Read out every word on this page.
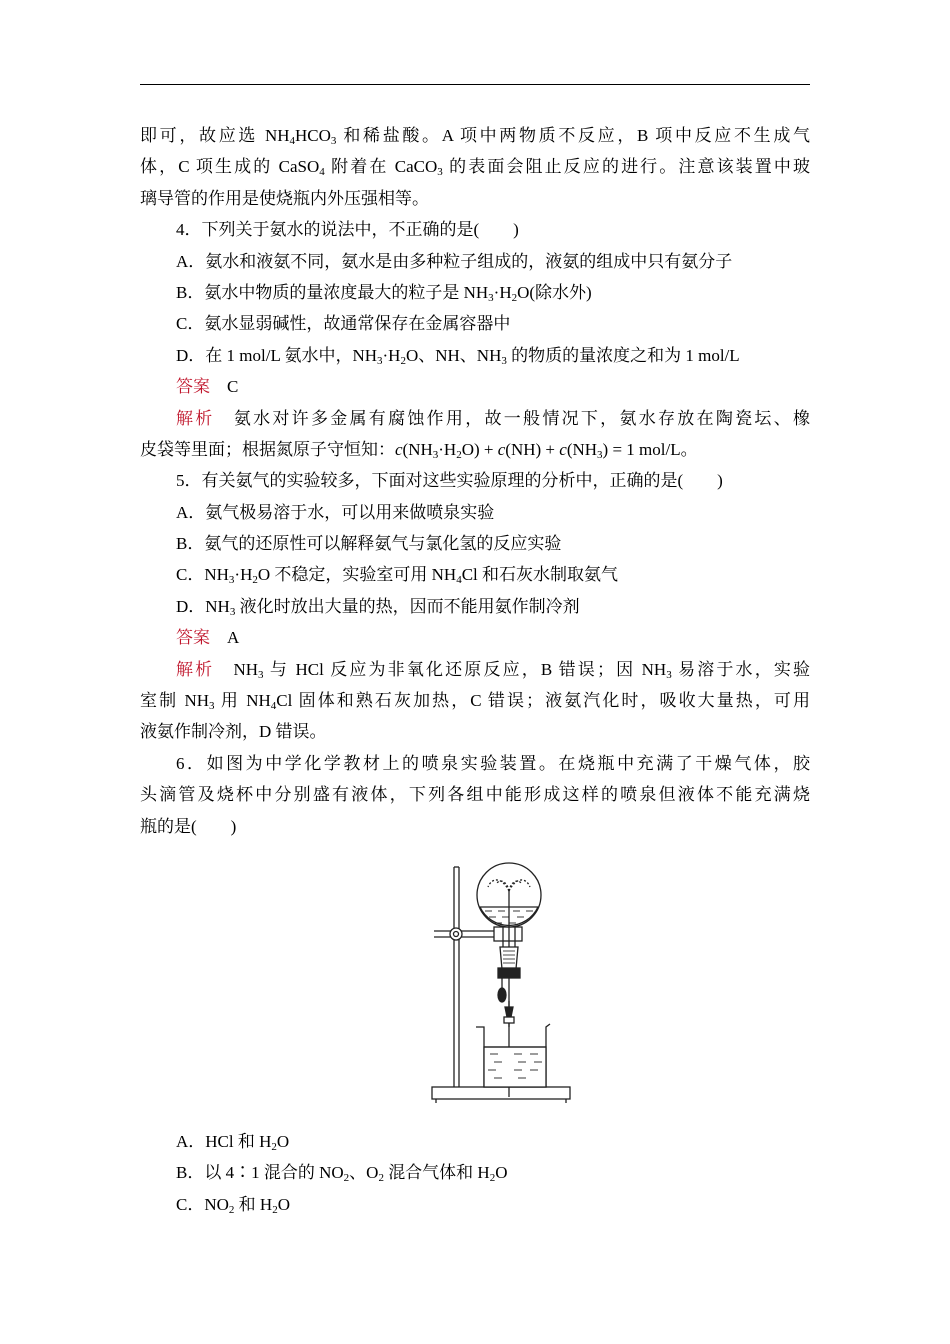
即可，故应选 $NH_4HCO_3$ 和稀盐酸。A 项中两物质不反应，B 项中反应不生成气
体，C 项生成的 CaSO$_4$ 附着在 CaCO$_3$ 的表面会阻止反应的进行。注意该装置中玻
璃导管的作用是使烧瓶内外压强相等。
4．下列关于氨水的说法中，不正确的是(　　)
A．氨水和液氨不同，氨水是由多种粒子组成的，液氨的组成中只有氨分子
B．氨水中物质的量浓度最大的粒子是 $NH_3\cdot H_2O$(除水外)
C．氨水显弱碱性，故通常保存在金属容器中
D．在 1 mol/L 氨水中，$NH_3\cdot H_2O$、NH、$NH_3$ 的物质的量浓度之和为 1 mol/L
答案　 C
解析　 氨水对许多金属有腐蚀作用，故一般情况下，氨水存放在陶瓷坛、橡
皮袋等里面；根据氮原子守恒知：$c(NH_3\cdot H_2O) + c(NH) + c(NH_3) = 1$ mol/L。
5．有关氨气的实验较多，下面对这些实验原理的分析中，正确的是(　　)
A．氨气极易溶于水，可以用来做喷泉实验
B．氨气的还原性可以解释氨气与氯化氢的反应实验
C．$NH_3\cdot H_2O$ 不稳定，实验室可用 $NH_4Cl$ 和石灰水制取氨气
D．$NH_3$ 液化时放出大量的热，因而不能用氨作制冷剂
答案　 A
解析　 $NH_3$ 与 HCl 反应为非氧化还原反应，B 错误；因 $NH_3$ 易溶于水，实验
室制 $NH_3$ 用 $NH_4Cl$ 固体和熟石灰加热，C 错误；液氨汽化时，吸收大量热，可用
液氨作制冷剂，D 错误。
6．如图为中学化学教材上的喷泉实验装置。在烧瓶中充满了干燥气体，胶
头滴管及烧杯中分别盛有液体，下列各组中能形成这样的喷泉但液体不能充满烧
瓶的是(　　)
A．HCl 和 $H_2O$
B．以 4∶1 混合的 $NO_2$、$O_2$ 混合气体和 $H_2O$
C．$NO_2$ 和 $H_2O$
